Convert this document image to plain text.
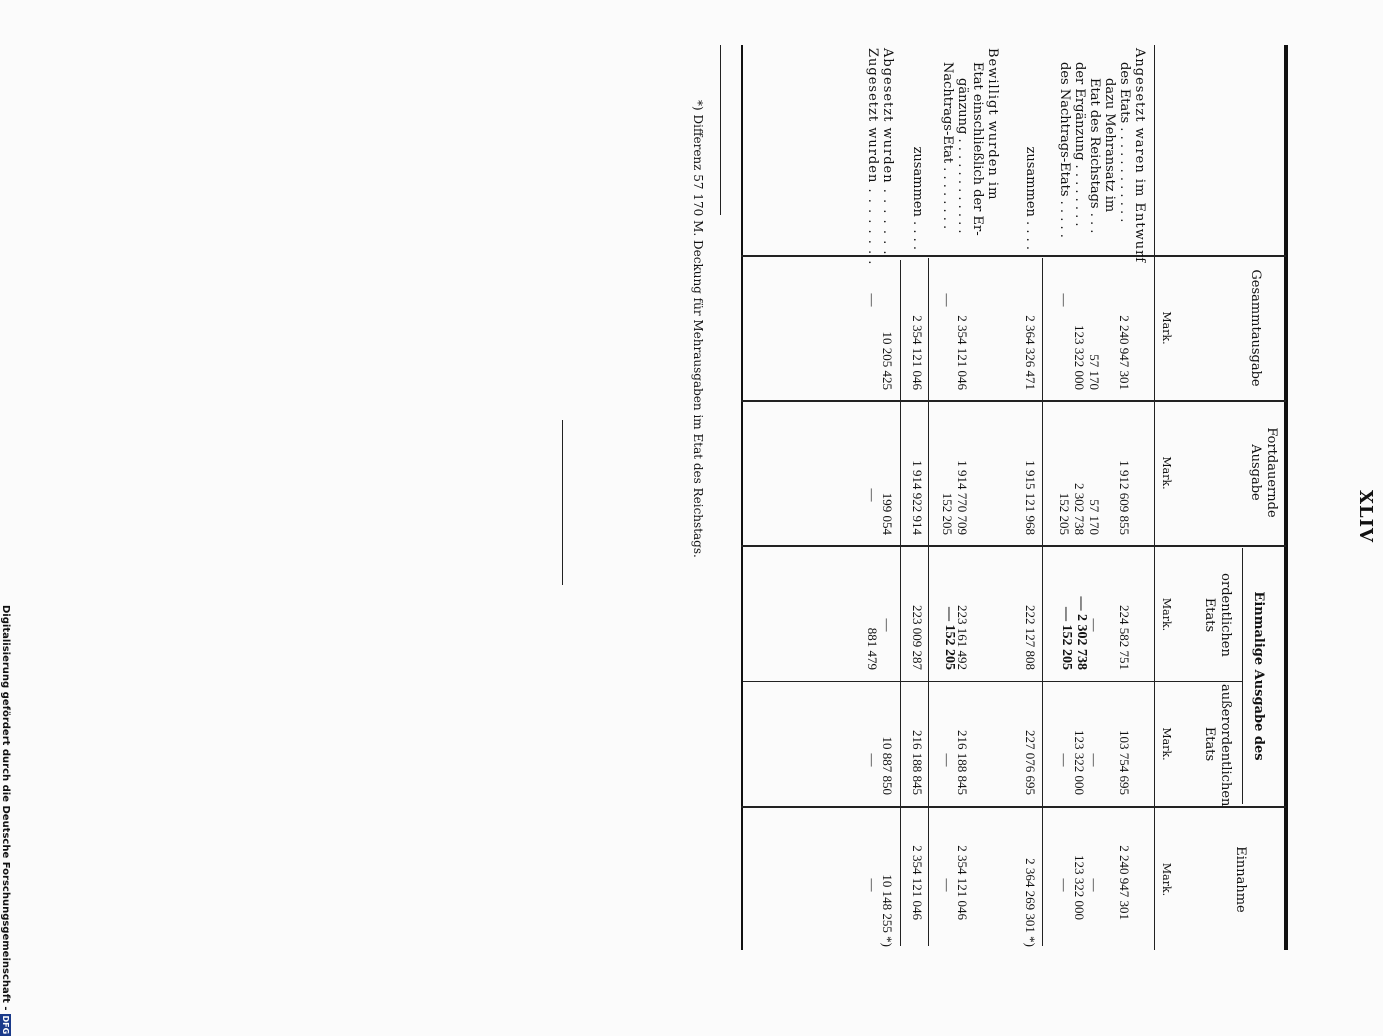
XLIV
Gesammtausgabe
Mark.
Fortdauernde Ausgabe
Mark.
Einmalige Ausgabe des
ordentlichen Etats
Mark.
außerordentlichen Etats
Mark.
Einnahme
Mark.
Angesetzt waren im Entwurf
des Etats . . . . . . . . . . . .
dazu Mehransatz im
Etat des Reichstags . . .
der Ergänzung . . . . . . . .
des Nachtrags-Etats . . . . .
zusammen . . . .
Bewilligt wurden im
Etat einschließlich der Er-
gänzung . . . . . . . . . . . .
Nachtrags-Etat . . . . . . . .
zusammen . . . .
Abgesetzt wurden . . . . . . .
Zugesetzt wurden . . . . . . . .
2 240 947 301
57 170
123 322 000
—
2 364 326 471
2 354 121 046
—
2 354 121 046
10 205 425
—
1 912 609 855
57 170
2 302 738
152 205
1 915 121 968
1 914 770 709
152 205
1 914 922 914
199 054
—
224 582 751
—
— 2 302 738
— 152 205
222 127 808
223 161 492
— 152 205
223 009 287
—
881 479
103 754 695
—
123 322 000
—
227 076 695
216 188 845
—
216 188 845
10 887 850
—
2 240 947 301
—
123 322 000
—
2 364 269 301 *)
2 354 121 046
—
2 354 121 046
10 148 255 *)
—
*) Differenz 57 170 M. Deckung für Mehrausgaben im Etat des Reichstags.
Digitalisierung gefördert durch die Deutsche Forschungsgemeinschaft -DFG
